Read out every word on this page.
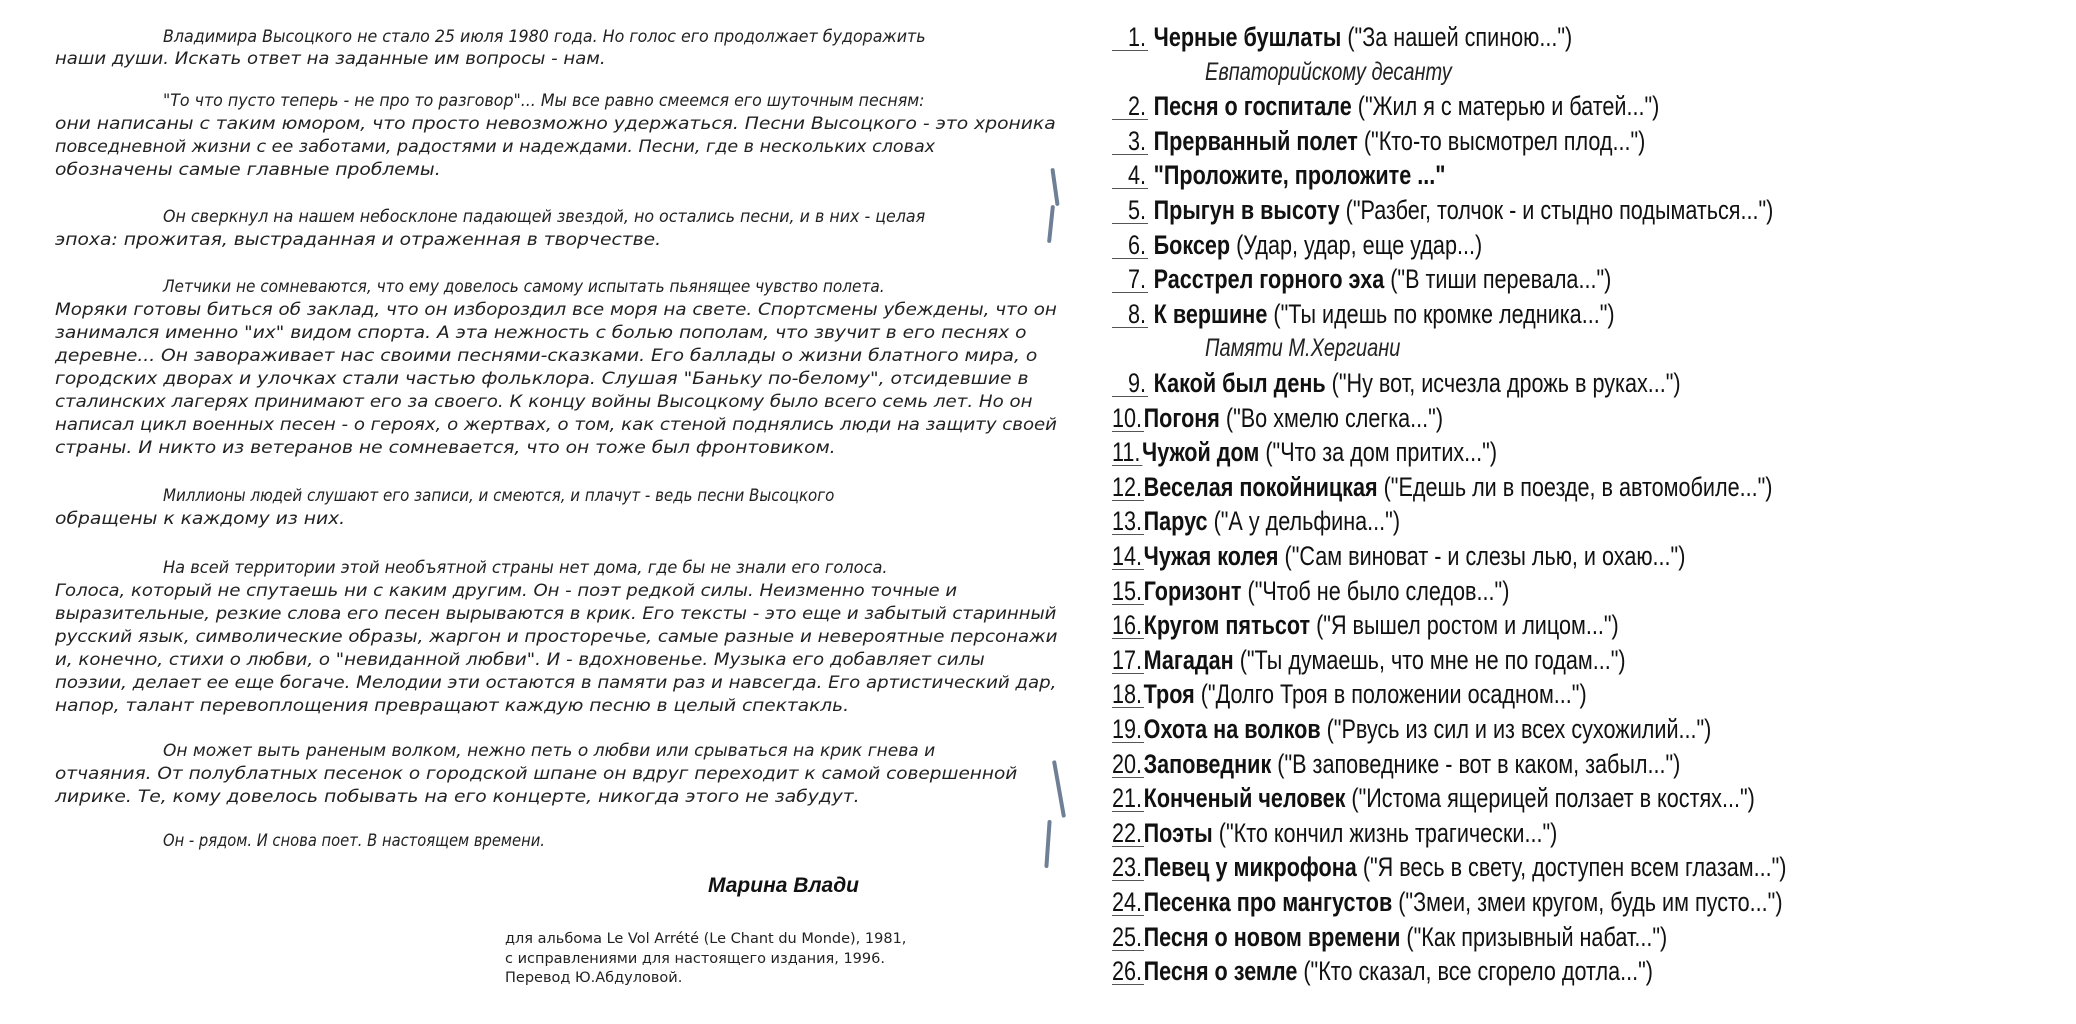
Владимира Высоцкого не стало 25 июля 1980 года. Но голос его продолжает будоражить
наши души. Искать ответ на заданные им вопросы - нам.
"То что пусто теперь - не про то разговор"... Мы все равно смеемся его шуточным песням:
они написаны с таким юмором, что просто невозможно удержаться. Песни Высоцкого - это хроника
повседневной жизни с ее заботами, радостями и надеждами. Песни, где в нескольких словах
обозначены самые главные проблемы.
Он сверкнул на нашем небосклоне падающей звездой, но остались песни, и в них - целая
эпоха: прожитая, выстраданная и отраженная в творчестве.
Летчики не сомневаются, что ему довелось самому испытать пьянящее чувство полета.
Моряки готовы биться об заклад, что он избороздил все моря на свете. Спортсмены убеждены, что он
занимался именно "их" видом спорта. А эта нежность с болью пополам, что звучит в его песнях о
деревне... Он завораживает нас своими песнями-сказками. Его баллады о жизни блатного мира, о
городских дворах и улочках стали частью фольклора. Слушая "Баньку по-белому", отсидевшие в
сталинских лагерях принимают его за своего. К концу войны Высоцкому было всего семь лет. Но он
написал цикл военных песен - о героях, о жертвах, о том, как стеной поднялись люди на защиту своей
страны. И никто из ветеранов не сомневается, что он тоже был фронтовиком.
Миллионы людей слушают его записи, и смеются, и плачут - ведь песни Высоцкого
обращены к каждому из них.
На всей территории этой необъятной страны нет дома, где бы не знали его голоса.
Голоса, который не спутаешь ни с каким другим. Он - поэт редкой силы. Неизменно точные и
выразительные, резкие слова его песен вырываются в крик. Его тексты - это еще и забытый старинный
русский язык, символические образы, жаргон и просторечье, самые разные и невероятные персонажи
и, конечно, стихи о любви, о "невиданной любви". И - вдохновенье. Музыка его добавляет силы
поэзии, делает ее еще богаче. Мелодии эти остаются в памяти раз и навсегда. Его артистический дар,
напор, талант перевоплощения превращают каждую песню в целый спектакль.
Он может выть раненым волком, нежно петь о любви или срываться на крик гнева и
отчаяния. От полублатных песенок о городской шпане он вдруг переходит к самой совершенной
лирике. Те, кому довелось побывать на его концерте, никогда этого не забудут.
Он - рядом. И снова поет. В настоящем времени.
1. Черные бушлаты ("За нашей спиною...")
Евпаторийскому десанту
2. Песня о госпитале ("Жил я с матерью и батей...")
3. Прерванный полет ("Кто-то высмотрел плод...")
4. "Проложите, проложите ..."
5. Прыгун в высоту ("Разбег, толчок - и стыдно подыматься...")
6. Боксер (Удар, удар, еще удар...)
7. Расстрел горного эха ("В тиши перевала...")
8. К вершине ("Ты идешь по кромке ледника...")
Памяти М.Хергиани
9. Какой был день ("Ну вот, исчезла дрожь в руках...")
10.Погоня ("Во хмелю слегка...")
11.Чужой дом ("Что за дом притих...")
12.Веселая покойницкая ("Едешь ли в поезде, в автомобиле...")
13.Парус ("А у дельфина...")
14.Чужая колея ("Сам виноват - и слезы лью, и охаю...")
15.Горизонт ("Чтоб не было следов...")
16.Кругом пятьсот ("Я вышел ростом и лицом...")
17.Магадан ("Ты думаешь, что мне не по годам...")
18.Троя ("Долго Троя в положении осадном...")
19.Охота на волков ("Рвусь из сил и из всех сухожилий...")
20.Заповедник ("В заповеднике - вот в каком, забыл...")
21.Конченый человек ("Истома ящерицей ползает в костях...")
22.Поэты ("Кто кончил жизнь трагически...")
23.Певец у микрофона ("Я весь в свету, доступен всем глазам...")
24.Песенка про мангустов ("Змеи, змеи кругом, будь им пусто...")
25.Песня о новом времени ("Как призывный набат...")
26.Песня о земле ("Кто сказал, все сгорело дотла...")
Марина Влади
для альбома Le Vol Arrété (Le Chant du Monde), 1981,
с исправлениями для настоящего издания, 1996.
Перевод Ю.Абдуловой.
